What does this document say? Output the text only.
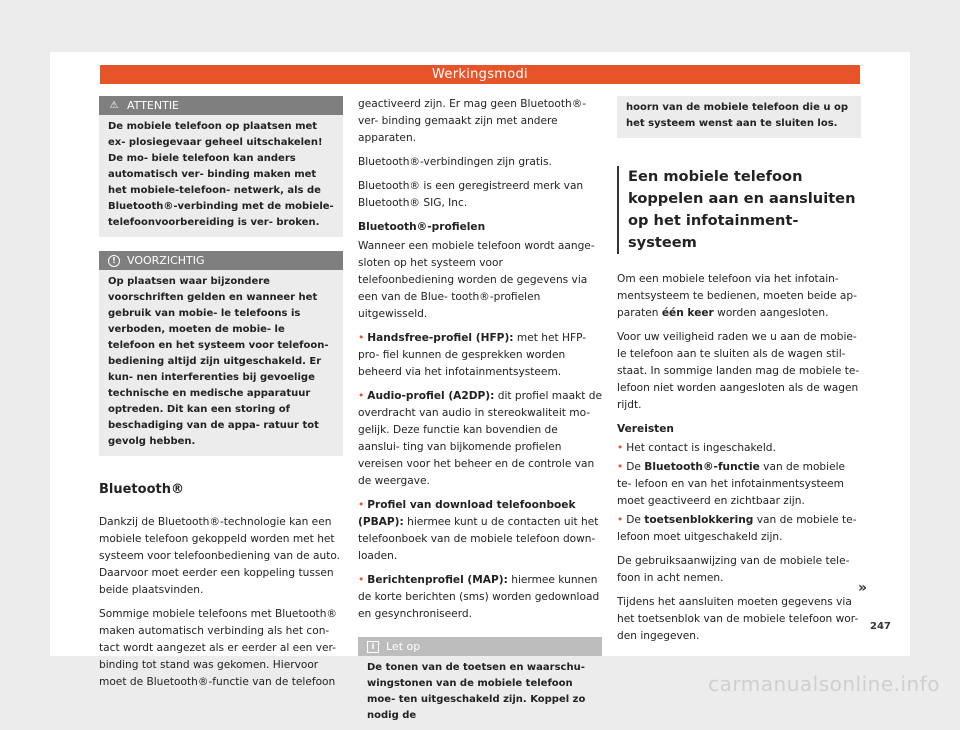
Werkingsmodi
⚠ ATTENTIE
De mobiele telefoon op plaatsen met ex- plosiegevaar geheel uitschakelen! De mo- biele telefoon kan anders automatisch ver- binding maken met het mobiele-telefoon- netwerk, als de Bluetooth®-verbinding met de mobiele-telefoonvoorbereiding is ver- broken.
!	VOORZICHTIG
Op plaatsen waar bijzondere voorschriften gelden en wanneer het gebruik van mobie- le telefoons is verboden, moeten de mobie- le telefoon en het systeem voor telefoon- bediening altijd zijn uitgeschakeld. Er kun- nen interferenties bij gevoelige technische en medische apparatuur optreden. Dit kan een storing of beschadiging van de appa- ratuur tot gevolg hebben.
Bluetooth®

Dankzij de Bluetooth®-technologie kan een mobiele telefoon gekoppeld worden met het systeem voor telefoonbediening van de auto. Daarvoor moet eerder een koppeling tussen beide plaatsvinden.

Sommige mobiele telefoons met Bluetooth® maken automatisch verbinding als het con- tact wordt aangezet als er eerder al een ver- binding tot stand was gekomen. Hiervoor moet de Bluetooth®-functie van de telefoon

geactiveerd zijn. Er mag geen Bluetooth®-ver- binding gemaakt zijn met andere apparaten.

Bluetooth®-verbindingen zijn gratis.

Bluetooth® is een geregistreerd merk van Bluetooth® SIG, Inc.

Bluetooth®-profielen

Wanneer een mobiele telefoon wordt aange- sloten op het systeem voor telefoonbediening worden de gegevens via een van de Blue- tooth®-profielen uitgewisseld.

• Handsfree-profiel (HFP): met het HFP-pro- fiel kunnen de gesprekken worden beheerd via het infotainmentsysteem.

• Audio-profiel (A2DP): dit profiel maakt de overdracht van audio in stereokwaliteit mo- gelijk. Deze functie kan bovendien de aanslui- ting van bijkomende profielen vereisen voor het beheer en de controle van de weergave.

• Profiel van download telefoonboek (PBAP): hiermee kunt u de contacten uit het telefoonboek van de mobiele telefoon down- loaden.

• Berichtenprofiel (MAP): hiermee kunnen de korte berichten (sms) worden gedownload en gesynchroniseerd.

i	Let op
De tonen van de toetsen en waarschu- wingstonen van de mobiele telefoon moe- ten uitgeschakeld zijn. Koppel zo nodig de
hoorn van de mobiele telefoon die u op het systeem wenst aan te sluiten los.
Een mobiele telefoon koppelen aan en aansluiten op het infotainment- systeem

Om een mobiele telefoon via het infotain- mentsysteem te bedienen, moeten beide ap- paraten één keer worden aangesloten.

Voor uw veiligheid raden we u aan de mobie- le telefoon aan te sluiten als de wagen stil- staat. In sommige landen mag de mobiele te- lefoon niet worden aangesloten als de wagen rijdt.

Vereisten

• Het contact is ingeschakeld.

• De Bluetooth®-functie van de mobiele te- lefoon en van het infotainmentsysteem moet geactiveerd en zichtbaar zijn.

• De toetsenblokkering van de mobiele te- lefoon moet uitgeschakeld zijn.

De gebruiksaanwijzing van de mobiele tele- foon in acht nemen.

Tijdens het aansluiten moeten gegevens via het toetsenblok van de mobiele telefoon wor- den ingegeven.

»
247
carmanualsonline.info
